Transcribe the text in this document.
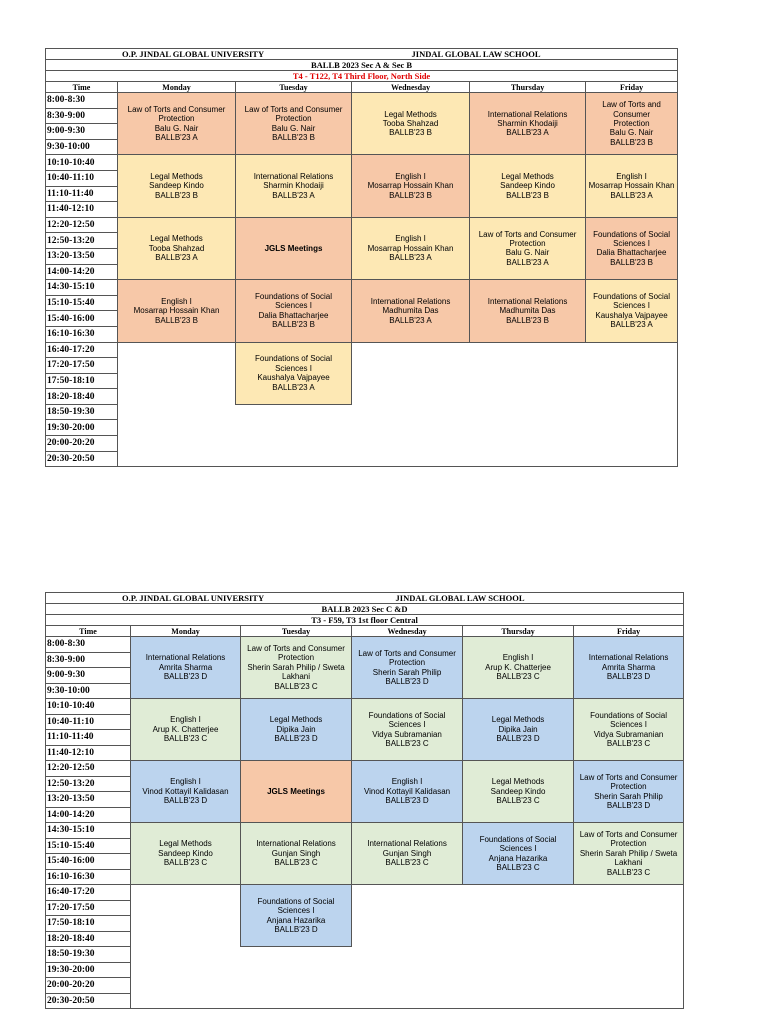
O.P. JINDAL GLOBAL UNIVERSITY			JINDAL GLOBAL LAW SCHOOL		
BALLB 2023 Sec A & Sec B					
T4 - T122, T4 Third Floor, North Side					
Time	Monday	Tuesday	Wednesday	Thursday	Friday
8:00-8:30	Law of Torts and Consumer
Protection
Balu G. Nair
BALLB'23 A	Law of Torts and Consumer
Protection
Balu G. Nair
BALLB'23 B	Legal Methods
Tooba Shahzad
BALLB'23 B	International Relations
Sharmin Khodaiji
BALLB'23 A	Law of Torts and Consumer
Protection
Balu G. Nair
BALLB'23 B

8:30-9:00					
9:00-9:30					
9:30-10:00					
10:10-10:40	Legal Methods
Sandeep Kindo
BALLB'23 B	International Relations
Sharmin Khodaiji
BALLB'23 A	English I
Mosarrap Hossain Khan
BALLB'23 B	Legal Methods
Sandeep Kindo
BALLB'23 B	English I
Mosarrap Hossain Khan
BALLB'23 A

10:40-11:10					
11:10-11:40					
11:40-12:10					
12:20-12:50	Legal Methods
Tooba Shahzad
BALLB'23 A	JGLS Meetings	English I
Mosarrap Hossain Khan
BALLB'23 A	Law of Torts and Consumer
Protection
Balu G. Nair
BALLB'23 A	Foundations of Social
Sciences I
Dalia Bhattacharjee
BALLB'23 B

12:50-13:20					
13:20-13:50					
14:00-14:20					
14:30-15:10	English I
Mosarrap Hossain Khan
BALLB'23 B	Foundations of Social
Sciences I
Dalia Bhattacharjee
BALLB'23 B	International Relations
Madhumita Das
BALLB'23 A	International Relations
Madhumita Das
BALLB'23 B	Foundations of Social
Sciences I
Kaushalya Vajpayee
BALLB'23 A

15:10-15:40					
15:40-16:00					
16:10-16:30					
16:40-17:20		Foundations of Social
Sciences I
Kaushalya Vajpayee
BALLB'23 A			

17:20-17:50					
17:50-18:10					
18:20-18:40					
18:50-19:30					
19:30-20:00					
20:00-20:20					
20:30-20:50					
O.P. JINDAL GLOBAL UNIVERSITY			JINDAL GLOBAL LAW SCHOOL		
BALLB 2023 Sec C &D					
T3 - F59, T3 1st floor Central					
Time	Monday	Tuesday	Wednesday	Thursday	Friday
8:00-8:30	International Relations
Amrita Sharma
BALLB'23 D	Law of Torts and Consumer
Protection
Sherin Sarah Philip / Sweta
Lakhani
BALLB'23 C	Law of Torts and Consumer
Protection
Sherin Sarah Philip
BALLB'23 D	English I
Arup K. Chatterjee
BALLB'23 C	International Relations
Amrita Sharma
BALLB'23 D

8:30-9:00					
9:00-9:30					
9:30-10:00					
10:10-10:40	English I
Arup K. Chatterjee
BALLB'23 C	Legal Methods
Dipika Jain
BALLB'23 D	Foundations of Social
Sciences I
Vidya Subramanian
BALLB'23 C	Legal Methods
Dipika Jain
BALLB'23 D	Foundations of Social
Sciences I
Vidya Subramanian
BALLB'23 C

10:40-11:10					
11:10-11:40					
11:40-12:10					
12:20-12:50	English I
Vinod Kottayil Kalidasan
BALLB'23 D	JGLS Meetings	English I
Vinod Kottayil Kalidasan
BALLB'23 D	Legal Methods
Sandeep Kindo
BALLB'23 C	Law of Torts and Consumer
Protection
Sherin Sarah Philip
BALLB'23 D

12:50-13:20					
13:20-13:50					
14:00-14:20					
14:30-15:10	Legal Methods
Sandeep Kindo
BALLB'23 C	International Relations
Gunjan Singh
BALLB'23 C	International Relations
Gunjan Singh
BALLB'23 C	Foundations of Social
Sciences I
Anjana Hazarika
BALLB'23 C	Law of Torts and Consumer
Protection
Sherin Sarah Philip / Sweta
Lakhani
BALLB'23 C

15:10-15:40					
15:40-16:00					
16:10-16:30					
16:40-17:20		Foundations of Social
Sciences I
Anjana Hazarika
BALLB'23 D			

17:20-17:50					
17:50-18:10					
18:20-18:40					
18:50-19:30					
19:30-20:00					
20:00-20:20					
20:30-20:50					
